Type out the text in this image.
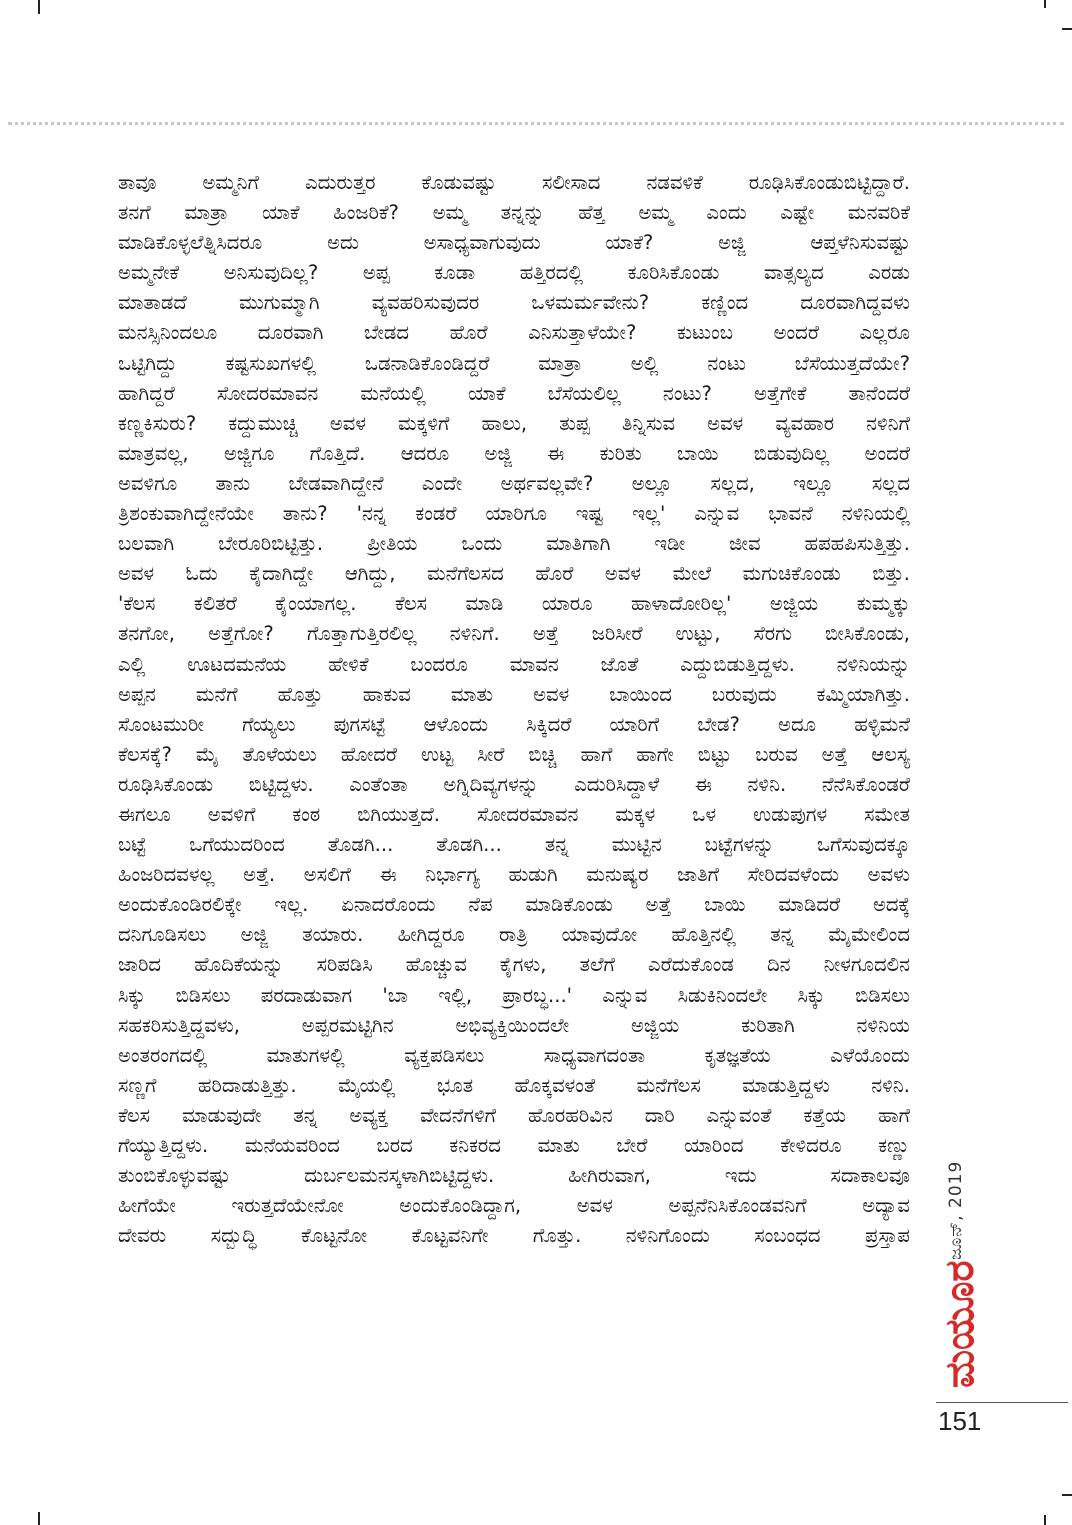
ತಾವೂ ಅಮ್ಮನಿಗೆ ಎದುರುತ್ತರ ಕೊಡುವಷ್ಟು ಸಲೀಸಾದ ನಡವಳಿಕೆ ರೂಢಿಸಿಕೊಂಡುಬಿಟ್ಟಿದ್ದಾರೆ.
ತನಗೆ ಮಾತ್ರಾ ಯಾಕೆ ಹಿಂಜರಿಕೆ? ಅಮ್ಮ ತನ್ನನ್ನು ಹೆತ್ತ ಅಮ್ಮ ಎಂದು ಎಷ್ಟೇ ಮನವರಿಕೆ
ಮಾಡಿಕೊಳ್ಳಲೆತ್ನಿಸಿದರೂ ಅದು ಅಸಾಧ್ಯವಾಗುವುದು ಯಾಕೆ? ಅಜ್ಜಿ ಆಪ್ತಳೆನಿಸುವಷ್ಟು
ಅಮ್ಮನೇಕೆ ಅನಿಸುವುದಿಲ್ಲ? ಅಪ್ಪ ಕೂಡಾ ಹತ್ತಿರದಲ್ಲಿ ಕೂರಿಸಿಕೊಂಡು ವಾತ್ಸಲ್ಯದ ಎರಡು
ಮಾತಾಡದೆ ಮುಗುಮ್ಮಾಗಿ ವ್ಯವಹರಿಸುವುದರ ಒಳಮರ್ಮವೇನು? ಕಣ್ಣಿಂದ ದೂರವಾಗಿದ್ದವಳು
ಮನಸ್ಸಿನಿಂದಲೂ ದೂರವಾಗಿ ಬೇಡದ ಹೊರೆ ಎನಿಸುತ್ತಾಳೆಯೇ? ಕುಟುಂಬ ಅಂದರೆ ಎಲ್ಲರೂ
ಒಟ್ಟಿಗಿದ್ದು ಕಷ್ಟಸುಖಗಳಲ್ಲಿ ಒಡನಾಡಿಕೊಂಡಿದ್ದರೆ ಮಾತ್ರಾ ಅಲ್ಲಿ ನಂಟು ಬೆಸೆಯುತ್ತದೆಯೇ?
ಹಾಗಿದ್ದರೆ ಸೋದರಮಾವನ ಮನೆಯಲ್ಲಿ ಯಾಕೆ ಬೆಸೆಯಲಿಲ್ಲ ನಂಟು? ಅತ್ತೆಗೇಕೆ ತಾನೆಂದರೆ
ಕಣ್ಣಕಿಸುರು? ಕದ್ದುಮುಚ್ಚಿ ಅವಳ ಮಕ್ಕಳಿಗೆ ಹಾಲು, ತುಪ್ಪ ತಿನ್ನಿಸುವ ಅವಳ ವ್ಯವಹಾರ ನಳಿನಿಗೆ
ಮಾತ್ರವಲ್ಲ, ಅಜ್ಜಿಗೂ ಗೊತ್ತಿದೆ. ಆದರೂ ಅಜ್ಜಿ ಈ ಕುರಿತು ಬಾಯಿ ಬಿಡುವುದಿಲ್ಲ ಅಂದರೆ
ಅವಳಿಗೂ ತಾನು ಬೇಡವಾಗಿದ್ದೇನೆ ಎಂದೇ ಅರ್ಥವಲ್ಲವೇ? ಅಲ್ಲೂ ಸಲ್ಲದ, ಇಲ್ಲೂ ಸಲ್ಲದ
ತ್ರಿಶಂಕುವಾಗಿದ್ದೇನೆಯೇ ತಾನು? 'ನನ್ನ ಕಂಡರೆ ಯಾರಿಗೂ ಇಷ್ಟ ಇಲ್ಲ' ಎನ್ನುವ ಭಾವನೆ ನಳಿನಿಯಲ್ಲಿ
ಬಲವಾಗಿ ಬೇರೂರಿಬಿಟ್ಟಿತ್ತು. ಪ್ರೀತಿಯ ಒಂದು ಮಾತಿಗಾಗಿ ಇಡೀ ಜೀವ ಹಪಹಪಿಸುತ್ತಿತ್ತು.
ಅವಳ ಓದು ಕೈದಾಗಿದ್ದೇ ಆಗಿದ್ದು, ಮನೆಗೆಲಸದ ಹೊರೆ ಅವಳ ಮೇಲೆ ಮಗುಚಿಕೊಂಡು ಬಿತ್ತು.
'ಕೆಲಸ ಕಲಿತರೆ ಕೈಂಯಾಗಲ್ಲ. ಕೆಲಸ ಮಾಡಿ ಯಾರೂ ಹಾಳಾದೋರಿಲ್ಲ' ಅಜ್ಜಿಯ ಕುಮ್ಮಕ್ಕು
ತನಗೋ, ಅತ್ತೆಗೋ? ಗೊತ್ತಾಗುತ್ತಿರಲಿಲ್ಲ ನಳಿನಿಗೆ. ಅತ್ತೆ ಜರಿಸೀರೆ ಉಟ್ಟು, ಸೆರಗು ಬೀಸಿಕೊಂಡು,
ಎಲ್ಲಿ ಊಟದಮನೆಯ ಹೇಳಿಕೆ ಬಂದರೂ ಮಾವನ ಜೊತೆ ಎದ್ದುಬಿಡುತ್ತಿದ್ದಳು. ನಳಿನಿಯನ್ನು
ಅಪ್ಪನ ಮನೆಗೆ ಹೊತ್ತು ಹಾಕುವ ಮಾತು ಅವಳ ಬಾಯಿಂದ ಬರುವುದು ಕಮ್ಮಿಯಾಗಿತ್ತು.
ಸೊಂಟಮುರೀ ಗೆಯ್ಯಲು ಪುಗಸಟ್ಟೆ ಆಳೊಂದು ಸಿಕ್ಕಿದರೆ ಯಾರಿಗೆ ಬೇಡ? ಅದೂ ಹಳ್ಳಿಮನೆ
ಕೆಲಸಕ್ಕೆ? ಮೈ ತೊಳೆಯಲು ಹೋದರೆ ಉಟ್ಟ ಸೀರೆ ಬಿಚ್ಚಿ ಹಾಗೆ ಹಾಗೇ ಬಿಟ್ಟು ಬರುವ ಅತ್ತೆ ಆಲಸ್ಯ
ರೂಢಿಸಿಕೊಂಡು ಬಿಟ್ಟಿದ್ದಳು. ಎಂತೆಂತಾ ಅಗ್ನಿದಿವ್ಯಗಳನ್ನು ಎದುರಿಸಿದ್ದಾಳೆ ಈ ನಳಿನಿ. ನೆನೆಸಿಕೊಂಡರೆ
ಈಗಲೂ ಅವಳಿಗೆ ಕಂಠ ಬಿಗಿಯುತ್ತದೆ. ಸೋದರಮಾವನ ಮಕ್ಕಳ ಒಳ ಉಡುಪುಗಳ ಸಮೇತ
ಬಟ್ಟೆ ಒಗೆಯುದರಿಂದ ತೊಡಗಿ... ತೊಡಗಿ... ತನ್ನ ಮುಟ್ಟಿನ ಬಟ್ಟೆಗಳನ್ನು ಒಗೆಸುವುದಕ್ಕೂ
ಹಿಂಜರಿದವಳಲ್ಲ ಅತ್ತೆ. ಅಸಲಿಗೆ ಈ ನಿರ್ಭಾಗ್ಯ ಹುಡುಗಿ ಮನುಷ್ಯರ ಜಾತಿಗೆ ಸೇರಿದವಳೆಂದು ಅವಳು
ಅಂದುಕೊಂಡಿರಲಿಕ್ಕೇ ಇಲ್ಲ. ಏನಾದರೊಂದು ನೆಪ ಮಾಡಿಕೊಂಡು ಅತ್ತೆ ಬಾಯಿ ಮಾಡಿದರೆ ಅದಕ್ಕೆ
ದನಿಗೂಡಿಸಲು ಅಜ್ಜಿ ತಯಾರು. ಹೀಗಿದ್ದರೂ ರಾತ್ರಿ ಯಾವುದೋ ಹೊತ್ತಿನಲ್ಲಿ ತನ್ನ ಮೈಮೇಲಿಂದ
ಜಾರಿದ ಹೊದಿಕೆಯನ್ನು ಸರಿಪಡಿಸಿ ಹೊಚ್ಚುವ ಕೈಗಳು, ತಲೆಗೆ ಎರೆದುಕೊಂಡ ದಿನ ನೀಳಗೂದಲಿನ
ಸಿಕ್ಕು ಬಿಡಿಸಲು ಪರದಾಡುವಾಗ 'ಬಾ ಇಲ್ಲಿ, ಪ್ರಾರಬ್ಧ...' ಎನ್ನುವ ಸಿಡುಕಿನಿಂದಲೇ ಸಿಕ್ಕು ಬಿಡಿಸಲು
ಸಹಕರಿಸುತ್ತಿದ್ದವಳು, ಅಪ್ಪರಮಟ್ಟಿಗಿನ ಅಭಿವ್ಯಕ್ತಿಯಿಂದಲೇ ಅಜ್ಜಿಯ ಕುರಿತಾಗಿ ನಳಿನಿಯ
ಅಂತರಂಗದಲ್ಲಿ ಮಾತುಗಳಲ್ಲಿ ವ್ಯಕ್ತಪಡಿಸಲು ಸಾಧ್ಯವಾಗದಂತಾ ಕೃತಜ್ಞತೆಯ ಎಳೆಯೊಂದು
ಸಣ್ಣಗೆ ಹರಿದಾಡುತ್ತಿತ್ತು. ಮೈಯಲ್ಲಿ ಭೂತ ಹೊಕ್ಕವಳಂತೆ ಮನೆಗೆಲಸ ಮಾಡುತ್ತಿದ್ದಳು ನಳಿನಿ.
ಕೆಲಸ ಮಾಡುವುದೇ ತನ್ನ ಅವ್ಯಕ್ತ ವೇದನೆಗಳಿಗೆ ಹೊರಹರಿವಿನ ದಾರಿ ಎನ್ನುವಂತೆ ಕತ್ತೆಯ ಹಾಗೆ
ಗೆಯ್ಯುತ್ತಿದ್ದಳು. ಮನೆಯವರಿಂದ ಬರದ ಕನಿಕರದ ಮಾತು ಬೇರೆ ಯಾರಿಂದ ಕೇಳಿದರೂ ಕಣ್ಣು
ತುಂಬಿಕೊಳ್ಳುವಷ್ಟು ದುರ್ಬಲಮನಸ್ಕಳಾಗಿಬಿಟ್ಟಿದ್ದಳು. ಹೀಗಿರುವಾಗ, ಇದು ಸದಾಕಾಲವೂ
ಹೀಗೆಯೇ ಇರುತ್ತದೆಯೇನೋ ಅಂದುಕೊಂಡಿದ್ದಾಗ, ಅವಳ ಅಪ್ಪನೆನಿಸಿಕೊಂಡವನಿಗೆ ಅದ್ಯಾವ
ದೇವರು ಸದ್ಬುದ್ಧಿ ಕೊಟ್ಟನೋ ಕೊಟ್ಟವನಿಗೇ ಗೊತ್ತು. ನಳಿನಿಗೊಂದು ಸಂಬಂಧದ ಪ್ರಸ್ತಾಪ ಜೂನ್, 2019
ಮಯೂರ
151
